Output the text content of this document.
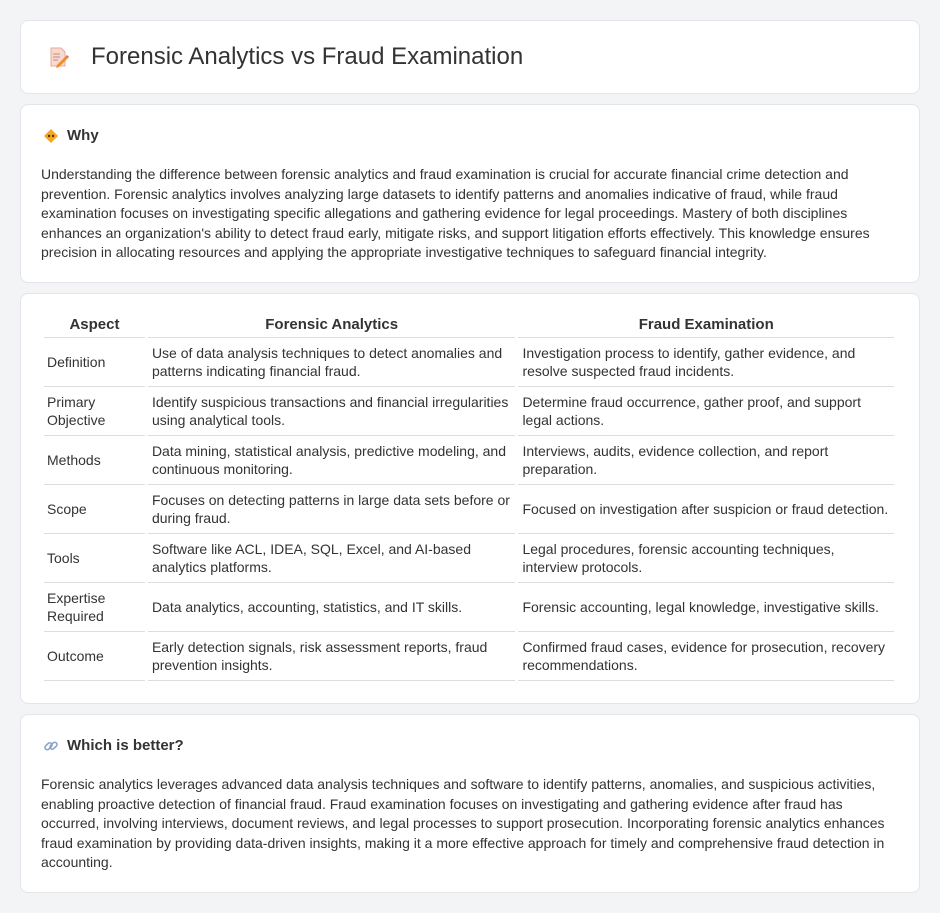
Forensic Analytics vs Fraud Examination
Why

Understanding the difference between forensic analytics and fraud examination is crucial for accurate financial crime detection and prevention. Forensic analytics involves analyzing large datasets to identify patterns and anomalies indicative of fraud, while fraud examination focuses on investigating specific allegations and gathering evidence for legal proceedings. Mastery of both disciplines enhances an organization's ability to detect fraud early, mitigate risks, and support litigation efforts effectively. This knowledge ensures precision in allocating resources and applying the appropriate investigative techniques to safeguard financial integrity.

Aspect	Forensic Analytics	Fraud Examination
Definition	Use of data analysis techniques to detect anomalies and patterns indicating financial fraud.	Investigation process to identify, gather evidence, and resolve suspected fraud incidents.
Primary Objective	Identify suspicious transactions and financial irregularities using analytical tools.	Determine fraud occurrence, gather proof, and support legal actions.
Methods	Data mining, statistical analysis, predictive modeling, and continuous monitoring.	Interviews, audits, evidence collection, and report preparation.
Scope	Focuses on detecting patterns in large data sets before or during fraud.	Focused on investigation after suspicion or fraud detection.
Tools	Software like ACL, IDEA, SQL, Excel, and AI-based analytics platforms.	Legal procedures, forensic accounting techniques, interview protocols.
Expertise Required	Data analytics, accounting, statistics, and IT skills.	Forensic accounting, legal knowledge, investigative skills.
Outcome	Early detection signals, risk assessment reports, fraud prevention insights.	Confirmed fraud cases, evidence for prosecution, recovery recommendations.
Which is better?

Forensic analytics leverages advanced data analysis techniques and software to identify patterns, anomalies, and suspicious activities, enabling proactive detection of financial fraud. Fraud examination focuses on investigating and gathering evidence after fraud has occurred, involving interviews, document reviews, and legal processes to support prosecution. Incorporating forensic analytics enhances fraud examination by providing data-driven insights, making it a more effective approach for timely and comprehensive fraud detection in accounting.
